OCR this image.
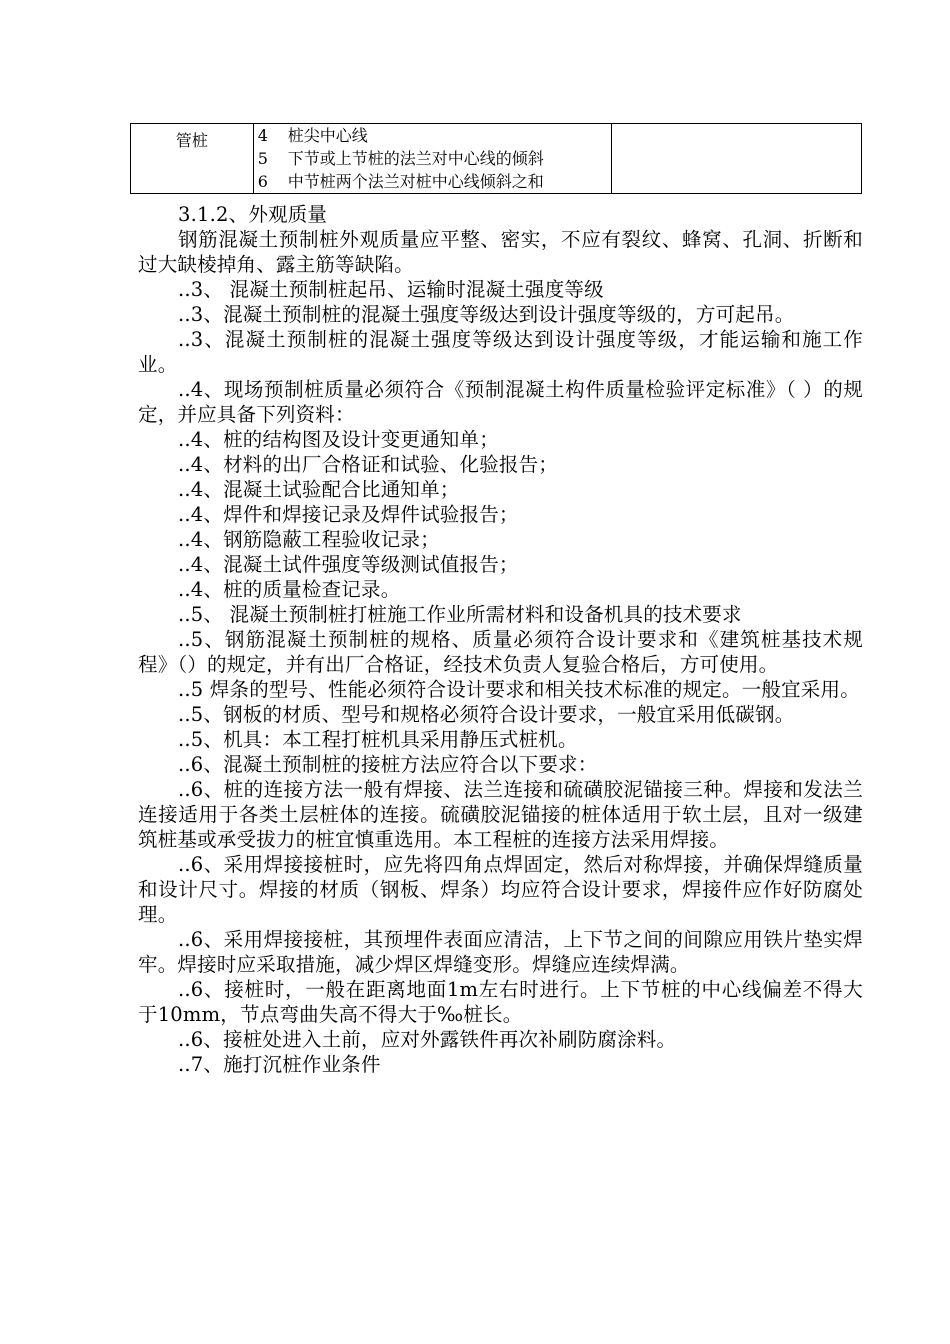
管桩	4 桩尖中心线
5 下节或上节桩的法兰对中心线的倾斜
6 中节桩两个法兰对桩中心线倾斜之和

3.1.2、外观质量

钢筋混凝土预制桩外观质量应平整、密实，不应有裂纹、蜂窝、孔洞、折断和过大缺棱掉角、露主筋等缺陷。

..3、 混凝土预制桩起吊、运输时混凝土强度等级

..3、混凝土预制桩的混凝土强度等级达到设计强度等级的，方可起吊。

..3、混凝土预制桩的混凝土强度等级达到设计强度等级，才能运输和施工作业。

..4、现场预制桩质量必须符合《预制混凝土构件质量检验评定标准》（ ）的规定，并应具备下列资料：

..4、桩的结构图及设计变更通知单；

..4、材料的出厂合格证和试验、化验报告；

..4、混凝土试验配合比通知单；

..4、焊件和焊接记录及焊件试验报告；

..4、钢筋隐蔽工程验收记录；

..4、混凝土试件强度等级测试值报告；

..4、桩的质量检查记录。

..5、 混凝土预制桩打桩施工作业所需材料和设备机具的技术要求

..5、钢筋混凝土预制桩的规格、质量必须符合设计要求和《建筑桩基技术规程》（）的规定，并有出厂合格证，经技术负责人复验合格后，方可使用。

..5 焊条的型号、性能必须符合设计要求和相关技术标准的规定。一般宜采用。

..5、钢板的材质、型号和规格必须符合设计要求，一般宜采用低碳钢。

..5、机具：本工程打桩机具采用静压式桩机。

..6、混凝土预制桩的接桩方法应符合以下要求：

..6、桩的连接方法一般有焊接、法兰连接和硫磺胶泥锚接三种。焊接和发法兰连接适用于各类土层桩体的连接。硫磺胶泥锚接的桩体适用于软土层，且对一级建筑桩基或承受拔力的桩宜慎重选用。本工程桩的连接方法采用焊接。

..6、采用焊接接桩时，应先将四角点焊固定，然后对称焊接，并确保焊缝质量和设计尺寸。焊接的材质（钢板、焊条）均应符合设计要求，焊接件应作好防腐处理。

..6、采用焊接接桩，其预埋件表面应清洁，上下节之间的间隙应用铁片垫实焊牢。焊接时应采取措施，减少焊区焊缝变形。焊缝应连续焊满。

..6、接桩时，一般在距离地面1m左右时进行。上下节桩的中心线偏差不得大于10mm，节点弯曲失高不得大于‰桩长。

..6、接桩处进入土前，应对外露铁件再次补刷防腐涂料。

..7、施打沉桩作业条件
